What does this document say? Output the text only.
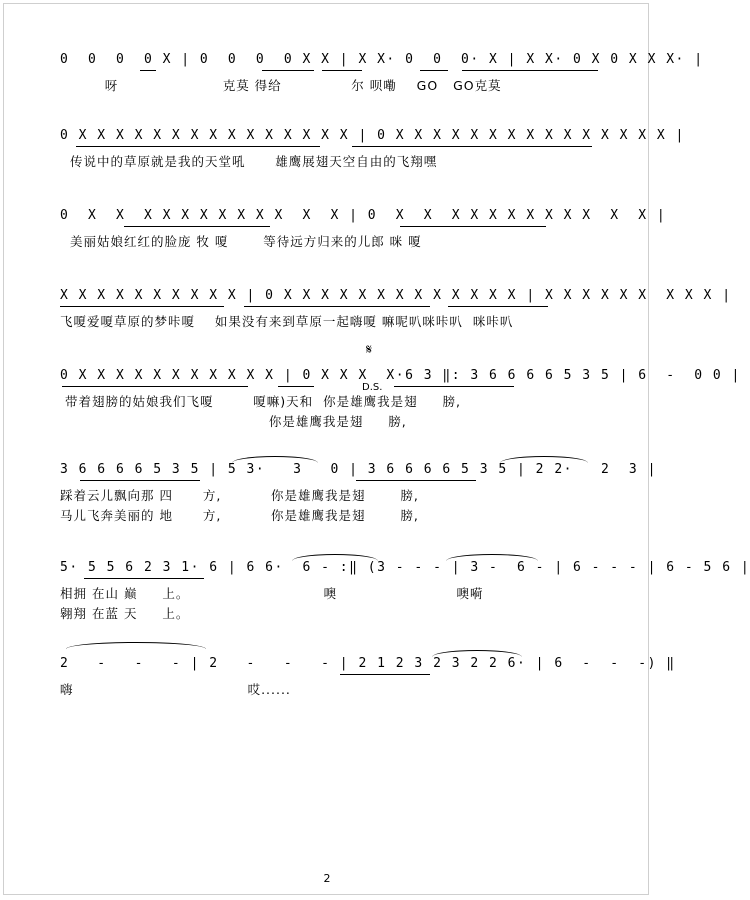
0  0  0  0 X | 0  0  0  0 X X | X X· 0  0  0· X | X X· 0 X 0 X X X· |
呀                     克莫 得给              尔 呗嘞    GO   GO克莫
0 X X X X X X X X X X X X X X X | 0 X X X X X X X X X X X X X X X |
传说中的草原就是我的天堂吼      雄鹰展翅天空自由的飞翔嘿
0  X  X  X X X X X X X X  X  X | 0  X  X  X X X X X X X X  X  X |
美丽姑娘红红的脸庞 牧 嗄       等待远方归来的儿郎 咪 嗄
X X X X X X X X X X | 0 X X X X X X X X X X X X X | X X X X X X  X X X |
飞嗄爱嗄草原的梦咔嗄    如果没有来到草原一起嗨嗄 嘛呢叭咪咔叭  咪咔叭
0 X X X X X X X X X X X | 0 X X X  X·6 3 ‖: 3 6 6 6 6 5 3 5 | 6  -  0 0 |
带着翅膀的姑娘我们飞嗄        嗄嘛)天和  你是雄鹰我是翅     膀,
你是雄鹰我是翅     膀,
𝄋
D.S.
3 6 6 6 6 5 3 5 | 5 3·   3   0 | 3 6 6 6 6 5 3 5 | 2 2·   2  3 |
踩着云儿飘向那 四      方,          你是雄鹰我是翅       膀,
马儿飞奔美丽的 地      方,          你是雄鹰我是翅       膀,
5· 5 5 6 2 3 1· 6 | 6 6·  6 - :‖ (3 - - - | 3 -  6 - | 6 - - - | 6 - 5 6 |
相拥 在山 巅     上。                           噢                        噢嗬
翱翔 在蓝 天     上。
2   -   -   - | 2   -   -   - | 2 1 2 3 2 3 2 2 6· | 6  -  -  -) ‖
嗨                                   哎......
2
